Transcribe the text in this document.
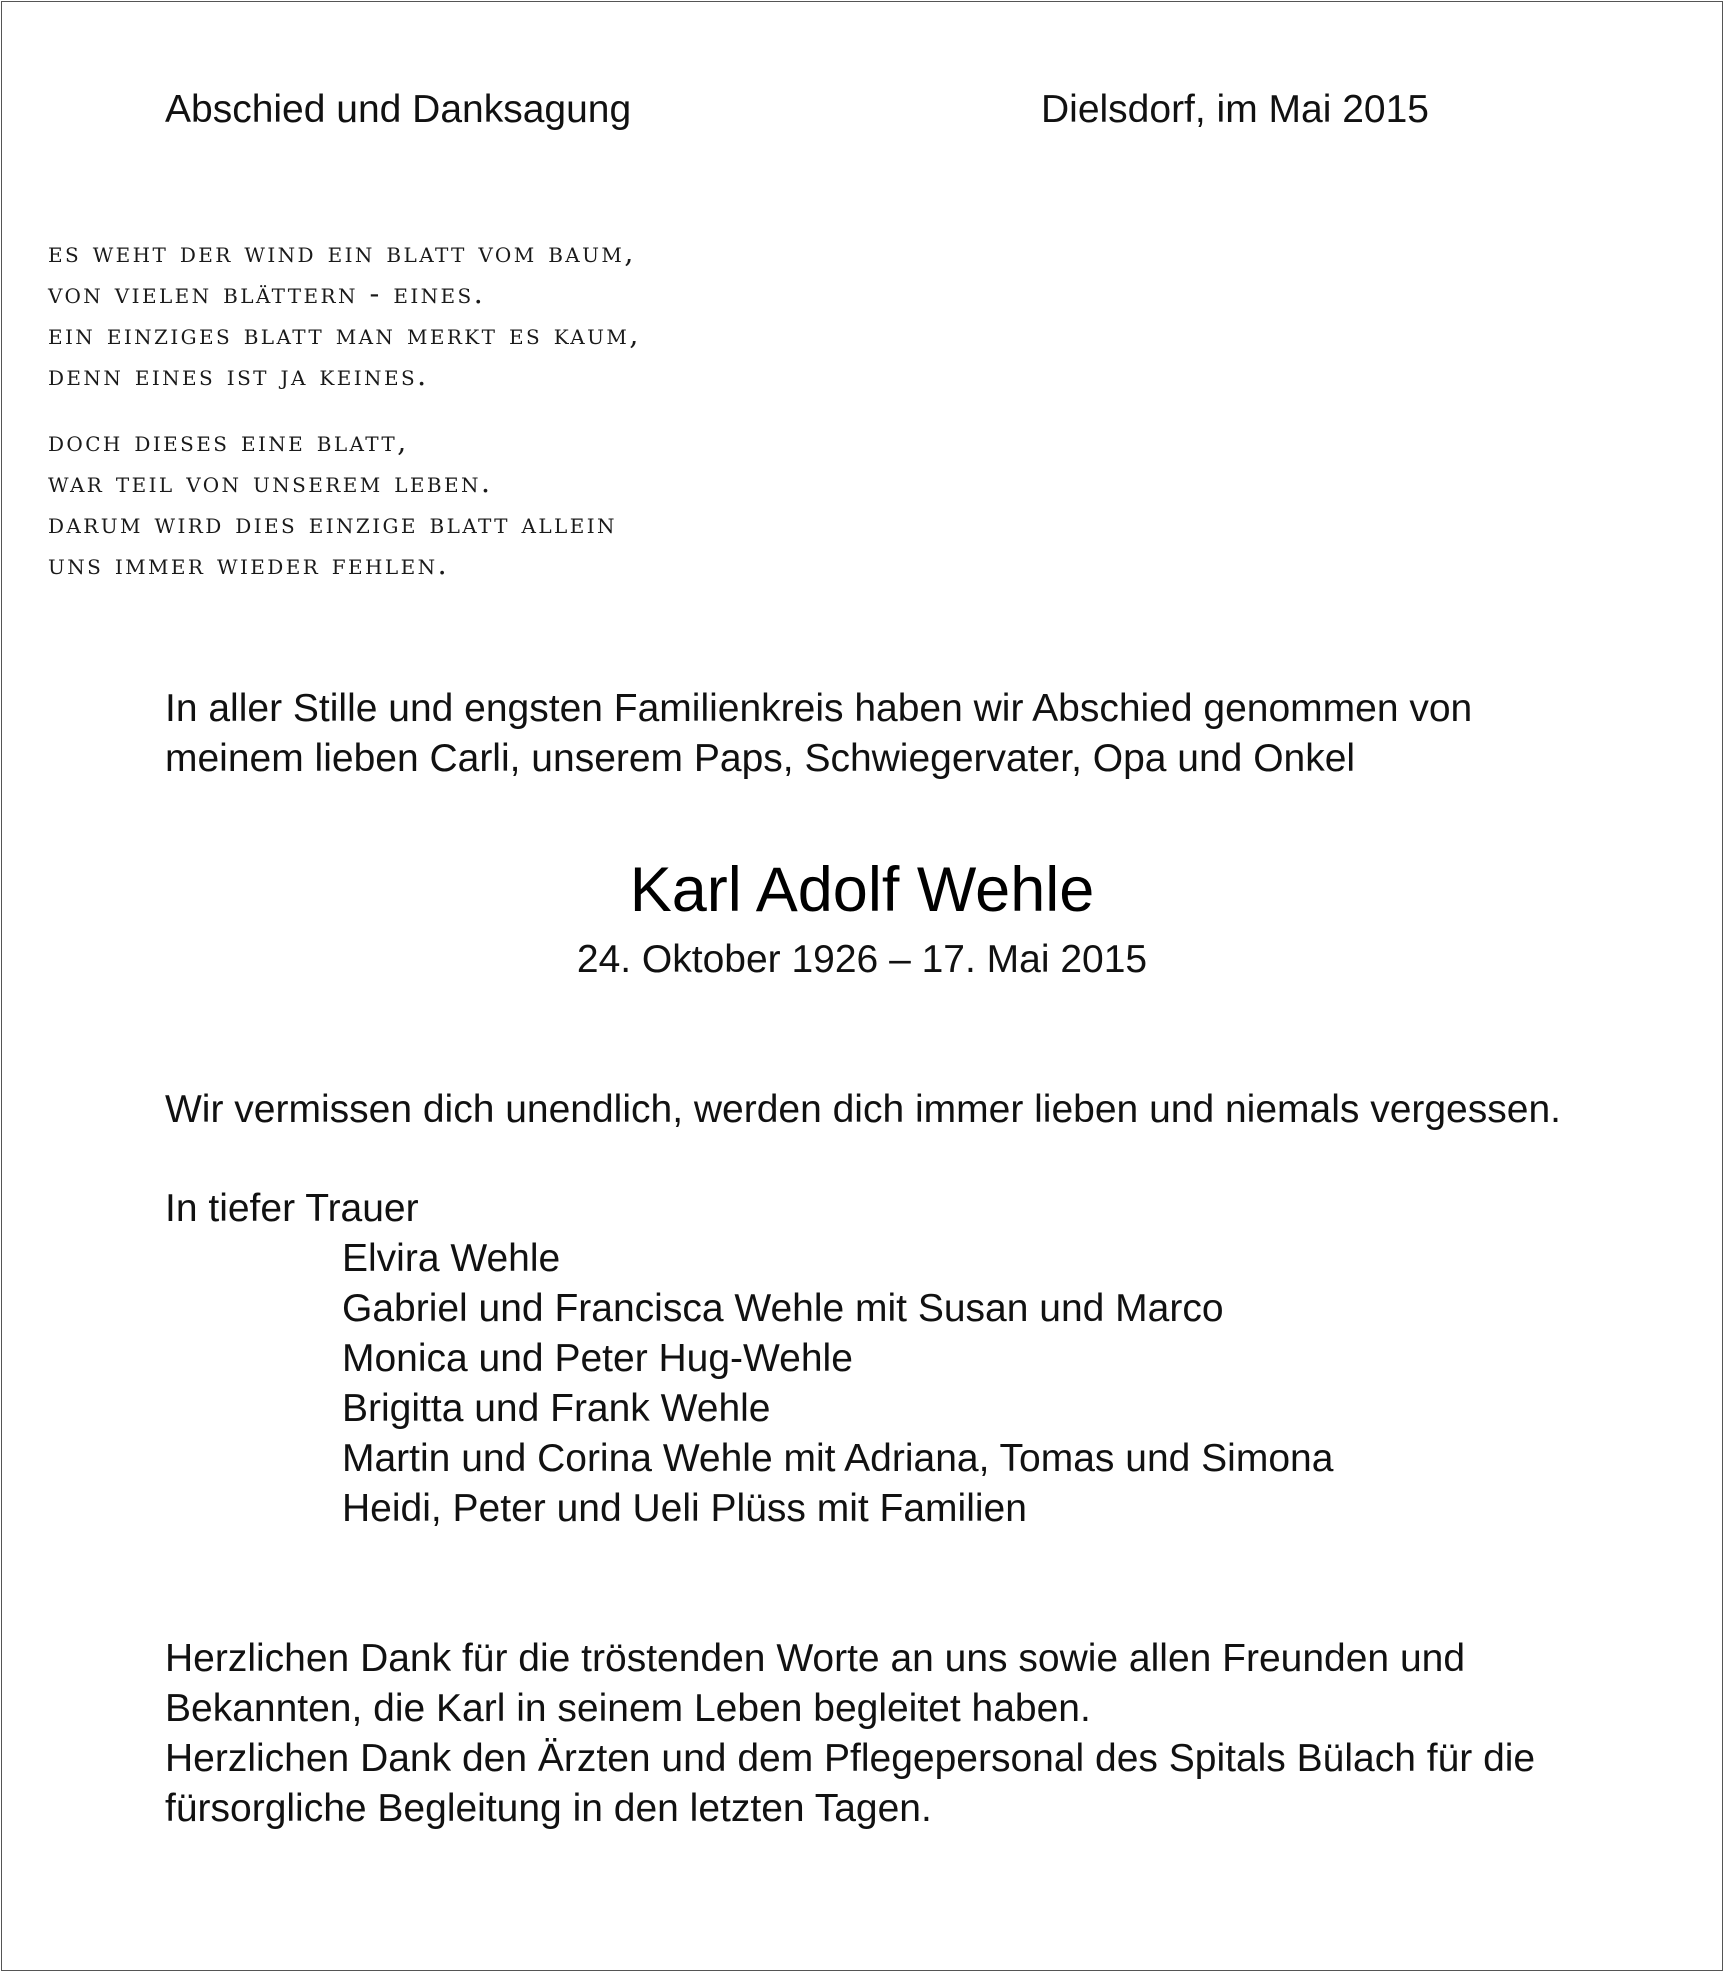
Abschied und Danksagung	Dielsdorf, im Mai 2015
es weht der wind ein blatt vom baum,
von vielen blättern - eines.
ein einziges blatt man merkt es kaum,
denn eines ist ja keines.
doch dieses eine blatt,
war teil von unserem leben.
darum wird dies einzige blatt allein
uns immer wieder fehlen.
In aller Stille und engsten Familienkreis haben wir Abschied genommen von
meinem lieben Carli, unserem Paps, Schwiegervater, Opa und Onkel
Karl Adolf Wehle
24. Oktober 1926 – 17. Mai 2015
Wir vermissen dich unendlich, werden dich immer lieben und niemals vergessen.
In tiefer Trauer
Elvira Wehle
Gabriel und Francisca Wehle mit Susan und Marco
Monica und Peter Hug-Wehle
Brigitta und Frank Wehle
Martin und Corina Wehle mit Adriana, Tomas und Simona
Heidi, Peter und Ueli Plüss mit Familien
Herzlichen Dank für die tröstenden Worte an uns sowie allen Freunden und
Bekannten, die Karl in seinem Leben begleitet haben.
Herzlichen Dank den Ärzten und dem Pflegepersonal des Spitals Bülach für die
fürsorgliche Begleitung in den letzten Tagen.
